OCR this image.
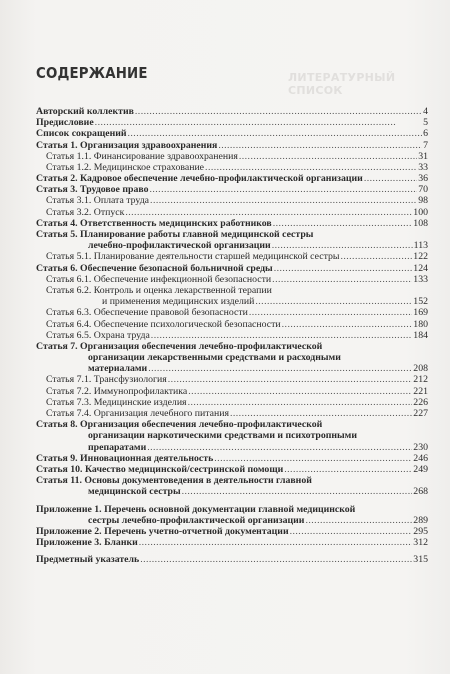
ЛИТЕРАТУРНЫЙ СПИСОК
СОДЕРЖАНИЕ
Авторский коллектив . . .	4
Предисловие . . .	5
Список сокращений . . .	6
Статья 1. Организация здравоохранения . . .	7
Статья 1.1. Финансирование здравоохранения . . .	31
Статья 1.2. Медицинское страхование . . .	33
Статья 2. Кадровое обеспечение лечебно-профилактической организации . . .	36
Статья 3. Трудовое право . . .	70
Статья 3.1. Оплата труда . . .	98
Статья 3.2. Отпуск . . .	100
Статья 4. Ответственность медицинских работников . . .	108
Статья 5. Планирование работы главной медицинской сестры
лечебно-профилактической организации . . .	113
Статья 5.1. Планирование деятельности старшей медицинской сестры . . .	122
Статья 6. Обеспечение безопасной больничной среды . . .	124
Статья 6.1. Обеспечение инфекционной безопасности . . .	133
Статья 6.2. Контроль и оценка лекарственной терапии
и применения медицинских изделий . . .	152
Статья 6.3. Обеспечение правовой безопасности . . .	169
Статья 6.4. Обеспечение психологической безопасности . . .	180
Статья 6.5. Охрана труда . . .	184
Статья 7. Организация обеспечения лечебно-профилактической
организации лекарственными средствами и расходными
материалами . . .	208
Статья 7.1. Трансфузиология . . .	212
Статья 7.2. Иммунопрофилактика . . .	221
Статья 7.3. Медицинские изделия . . .	226
Статья 7.4. Организация лечебного питания . . .	227
Статья 8. Организация обеспечения лечебно-профилактической
организации наркотическими средствами и психотропными
препаратами . . .	230
Статья 9. Инновационная деятельность . . .	246
Статья 10. Качество медицинской/сестринской помощи . . .	249
Статья 11. Основы документоведения в деятельности главной
медицинской сестры . . .	268
Приложение 1. Перечень основной документации главной медицинской
сестры лечебно-профилактической организации . . .	289
Приложение 2. Перечень учетно-отчетной документации . . .	295
Приложение 3. Бланки . . .	312
Предметный указатель . . .	315
